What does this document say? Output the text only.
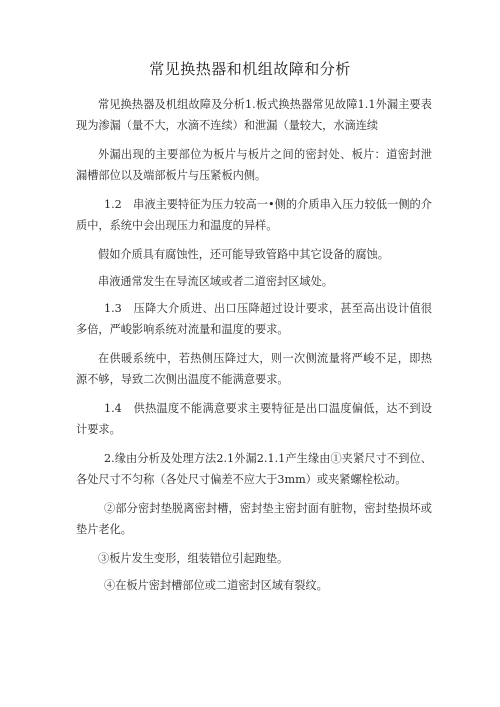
常见换热器和机组故障和分析

常见换热器及机组故障及分析1.板式换热器常见故障1.1外漏主要表现为渗漏（量不大，水滴不连续）和泄漏（量较大，水滴连续

外漏出现的主要部位为板片与板片之间的密封处、板片：道密封泄漏槽部位以及端部板片与压紧板内侧。

1.2　串液主要特征为压力较高一•侧的介质串入压力较低一侧的介质中，系统中会出现压力和温度的异样。

假如介质具有腐蚀性，还可能导致管路中其它设备的腐蚀。

串液通常发生在导流区域或者二道密封区域处。

1.3　压降大介质进、出口压降超过设计要求，甚至高出设计值很多倍，严峻影响系统对流量和温度的要求。

在供暖系统中，若热侧压降过大，则一次侧流量将严峻不足，即热源不够，导致二次侧出温度不能满意要求。

1.4　供热温度不能满意要求主要特征是出口温度偏低，达不到设计要求。

2.缘由分析及处理方法2.1外漏2.1.1产生缘由①夹紧尺寸不到位、各处尺寸不匀称（各处尺寸偏差不应大于3mm）或夹紧螺栓松动。

②部分密封垫脱离密封槽，密封垫主密封面有脏物，密封垫损坏或垫片老化。

③板片发生变形，组装错位引起跑垫。

④在板片密封槽部位或二道密封区域有裂纹。
